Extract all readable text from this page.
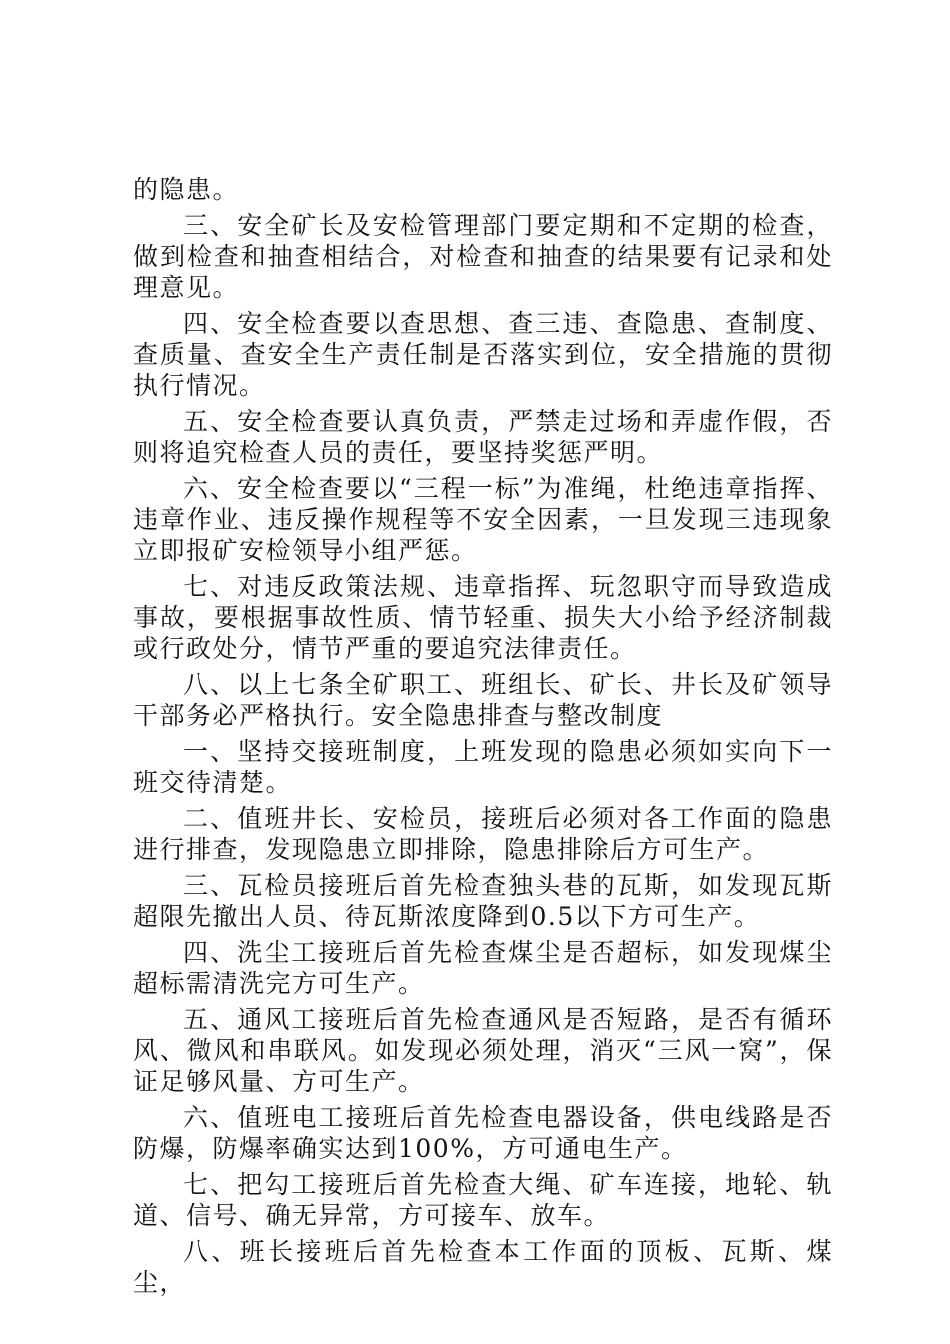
的隐患。

三、安全矿长及安检管理部门要定期和不定期的检查，做到检查和抽查相结合，对检查和抽查的结果要有记录和处理意见。

四、安全检查要以查思想、查三违、查隐患、查制度、查质量、查安全生产责任制是否落实到位，安全措施的贯彻执行情况。

五、安全检查要认真负责，严禁走过场和弄虚作假，否则将追究检查人员的责任，要坚持奖惩严明。

六、安全检查要以“三程一标”为准绳，杜绝违章指挥、违章作业、违反操作规程等不安全因素，一旦发现三违现象立即报矿安检领导小组严惩。

七、对违反政策法规、违章指挥、玩忽职守而导致造成事故，要根据事故性质、情节轻重、损失大小给予经济制裁或行政处分，情节严重的要追究法律责任。

八、以上七条全矿职工、班组长、矿长、井长及矿领导干部务必严格执行。安全隐患排查与整改制度

一、坚持交接班制度，上班发现的隐患必须如实向下一班交待清楚。

二、值班井长、安检员，接班后必须对各工作面的隐患进行排查，发现隐患立即排除，隐患排除后方可生产。

三、瓦检员接班后首先检查独头巷的瓦斯，如发现瓦斯超限先撤出人员、待瓦斯浓度降到0.5以下方可生产。

四、洗尘工接班后首先检查煤尘是否超标，如发现煤尘超标需清洗完方可生产。

五、通风工接班后首先检查通风是否短路，是否有循环风、微风和串联风。如发现必须处理，消灭“三风一窝”，保证足够风量、方可生产。

六、值班电工接班后首先检查电器设备，供电线路是否防爆，防爆率确实达到100%，方可通电生产。

七、把勾工接班后首先检查大绳、矿车连接，地轮、轨道、信号、确无异常，方可接车、放车。

八、班长接班后首先检查本工作面的顶板、瓦斯、煤尘，
